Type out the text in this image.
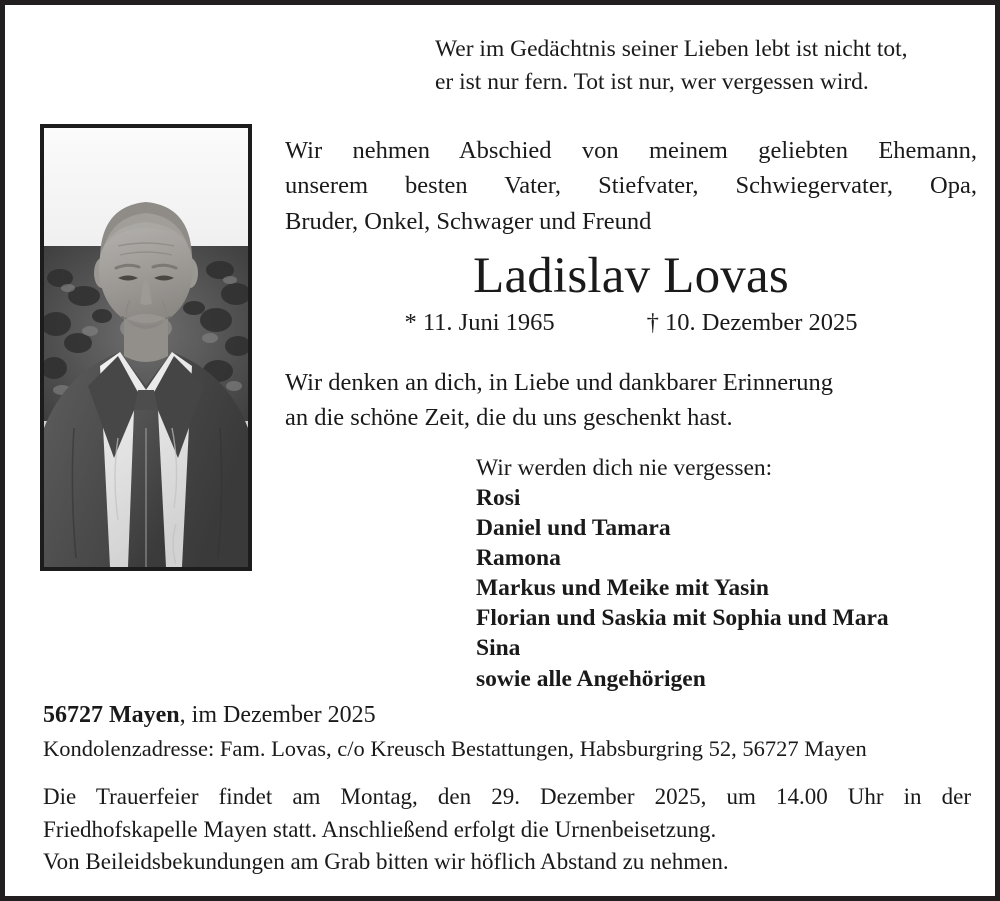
Wer im Gedächtnis seiner Lieben lebt ist nicht tot,
er ist nur fern. Tot ist nur, wer vergessen wird.
Wir nehmen Abschied von meinem geliebten Ehemann,
unserem besten Vater, Stiefvater, Schwiegervater, Opa,
Bruder, Onkel, Schwager und Freund
Ladislav Lovas
* 11. Juni 1965	† 10. Dezember 2025
Wir denken an dich, in Liebe und dankbarer Erinnerung
an die schöne Zeit, die du uns geschenkt hast.
Wir werden dich nie vergessen:
Rosi
Daniel und Tamara
Ramona
Markus und Meike mit Yasin
Florian und Saskia mit Sophia und Mara
Sina
sowie alle Angehörigen
56727 Mayen, im Dezember 2025
Kondolenzadresse: Fam. Lovas, c/o Kreusch Bestattungen, Habsburgring 52, 56727 Mayen
Die Trauerfeier findet am Montag, den 29. Dezember 2025, um 14.00 Uhr in der
Friedhofskapelle Mayen statt. Anschließend erfolgt die Urnenbeisetzung.
Von Beileidsbekundungen am Grab bitten wir höflich Abstand zu nehmen.
